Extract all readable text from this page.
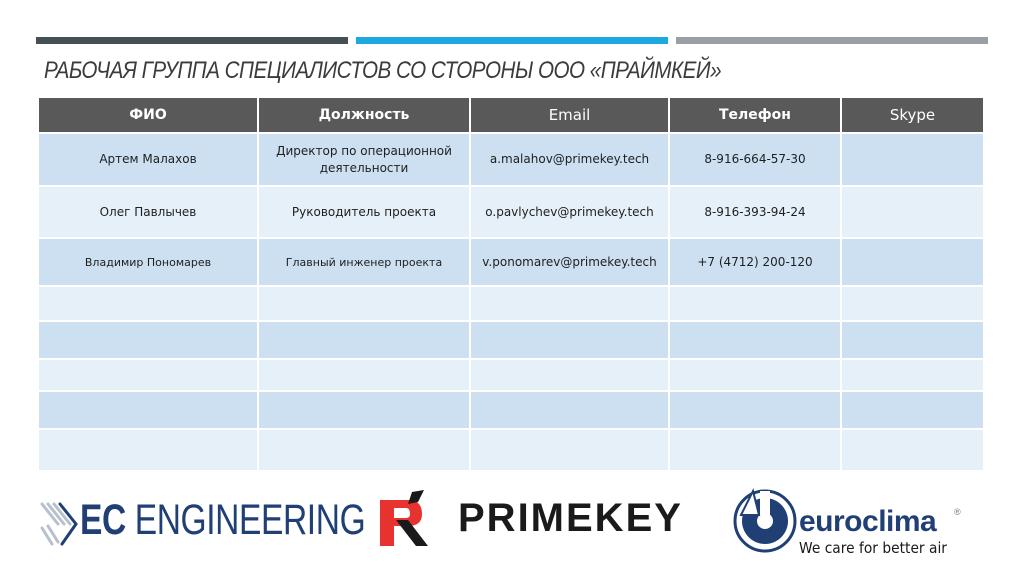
РАБОЧАЯ ГРУППА СПЕЦИАЛИСТОВ СО СТОРОНЫ ООО «ПРАЙМКЕЙ»
ФИО	Должность	Email	Телефон	Skype
Артем Малахов	Директор по операционной деятельности	a.malahov@primekey.tech	8-916-664-57-30	
Олег Павлычев	Руководитель проекта	o.pavlychev@primekey.tech	8-916-393-94-24	
Владимир Пономарев	Главный инженер проекта	v.ponomarev@primekey.tech	+7 (4712) 200-120	

EC ENGINEERING PRIMEKEY	euroclima ®
We care for better air
